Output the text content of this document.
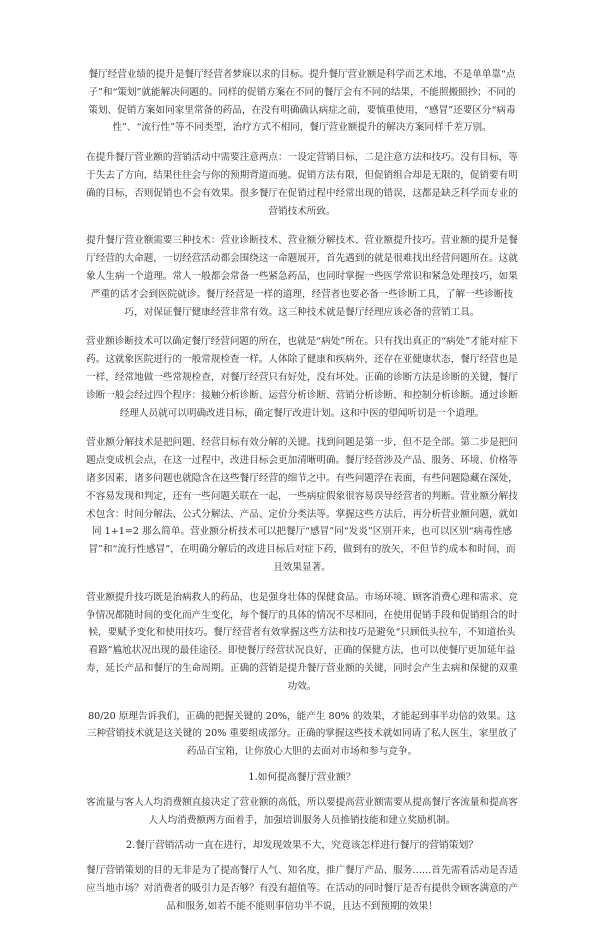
餐厅经营业绩的提升是餐厅经营者梦寐以求的目标。提升餐厅营业额是科学而艺术地，不是单单靠“点子”和“策划”就能解决问题的。同样的促销方案在不同的餐厅会有不同的结果，不能照搬照抄；不同的策划、促销方案如同家里常备的药品，在没有明确确认病症之前，要慎重使用，“感冒”还要区分“病毒性”、“流行性”等不同类型，治疗方式不相同，餐厅营业额提升的解决方案同样千差万别。

在提升餐厅营业额的营销活动中需要注意两点：一设定营销目标，二是注意方法和技巧。没有目标，等于失去了方向，结果往往会与你的预期背道而驰。促销方法有限，但促销组合却是无限的，促销要有明确的目标，否则促销也不会有效果。很多餐厅在促销过程中经常出现的错误，这都是缺乏科学而专业的营销技术所致。

提升餐厅营业额需要三种技术：营业诊断技术、营业额分解技术、营业额提升技巧。营业额的提升是餐厅经营的大命题，一切经营活动都会围绕这一命题展开，首先遇到的就是很难找出经营问题所在。这就象人生病一个道理。常人一般都会常备一些紧急药品，也同时掌握一些医学常识和紧急处理技巧，如果严重的话才会到医院就诊。餐厅经营是一样的道理，经营者也要必备一些诊断工具，了解一些诊断技巧，对保证餐厅健康经营非常有效。这三种技术就是餐厅经理应该必备的营销工具。

营业额诊断技术可以确定餐厅经营问题的所在，也就是“病处”所在。只有找出真正的“病处”才能对症下药。这就象医院进行的一般常规检查一样。人体除了健康和疾病外，还存在亚健康状态，餐厅经营也是一样，经常地做一些常规检查，对餐厅经营只有好处，没有坏处。正确的诊断方法是诊断的关键，餐厅诊断一般会经过四个程序：接触分析诊断、运营分析诊断、营销分析诊断、和控制分析诊断。通过诊断经理人员就可以明确改进目标，确定餐厅改进计划。这和中医的望闻听切是一个道理。

营业额分解技术是把问题、经营目标有效分解的关键。找到问题是第一步，但不是全部。第二步是把问题点变成机会点，在这一过程中，改进目标会更加清晰明确。餐厅经营涉及产品、服务、环境、价格等诸多因素，诸多问题也就隐含在这些餐厅经营的细节之中。有些问题浮在表面，有些问题隐藏在深处，不容易发现和判定，还有一些问题关联在一起，一些病症假象很容易误导经营者的判断。营业额分解技术包含：时间分解法、公式分解法、产品、定价分类法等。掌握这些方法后，再分析营业额问题，就如同 1+1=2 那么简单。营业额分析技术可以把餐厅“感冒”同“发炎”区别开来，也可以区别“病毒性感冒”和“流行性感冒”，在明确分解后的改进目标后对症下药，做到有的放矢，不但节约成本和时间，而且效果显著。

营业额提升技巧既是治病救人的药品，也是强身壮体的保健食品。市场环境、顾客消费心理和需求、竞争情况都随时间的变化而产生变化，每个餐厅的具体的情况不尽相同，在使用促销手段和促销组合的时候，要赋予变化和使用技巧。餐厅经营者有效掌握这些方法和技巧是避免“只顾低头拉车，不知道抬头看路”尴尬状况出现的最佳途径。即使餐厅经营状况良好，正确的保健方法，也可以使餐厅更加延年益寿，延长产品和餐厅的生命周期。正确的营销是提升餐厅营业额的关键，同时会产生去病和保健的双重功效。

80/20 原理告诉我们，正确的把握关键的 20%，能产生 80% 的效果，才能起到事半功倍的效果。这三种营销技术就是这关键的 20% 重要组成部分。正确的掌握这些技术就如同请了私人医生，家里放了药品百宝箱，让你放心大胆的去面对市场和参与竞争。

1.如何提高餐厅营业额？

客流量与客人人均消费额直接决定了营业额的高低，所以要提高营业额需要从提高餐厅客流量和提高客人人均消费额两方面着手，加强培训服务人员推销技能和建立奖励机制。

2.餐厅营销活动一直在进行，却发现效果不大，究竟该怎样进行餐厅的营销策划？

餐厅营销策划的目的无非是为了提高餐厅人气、知名度，推广餐厅产品、服务……首先需看活动是否适应当地市场？对消费者的吸引力是否够？有没有超值等。在活动的同时餐厅是否有提供令顾客满意的产品和服务,如若不能不能则事倍功半不说，且达不到预期的效果！
